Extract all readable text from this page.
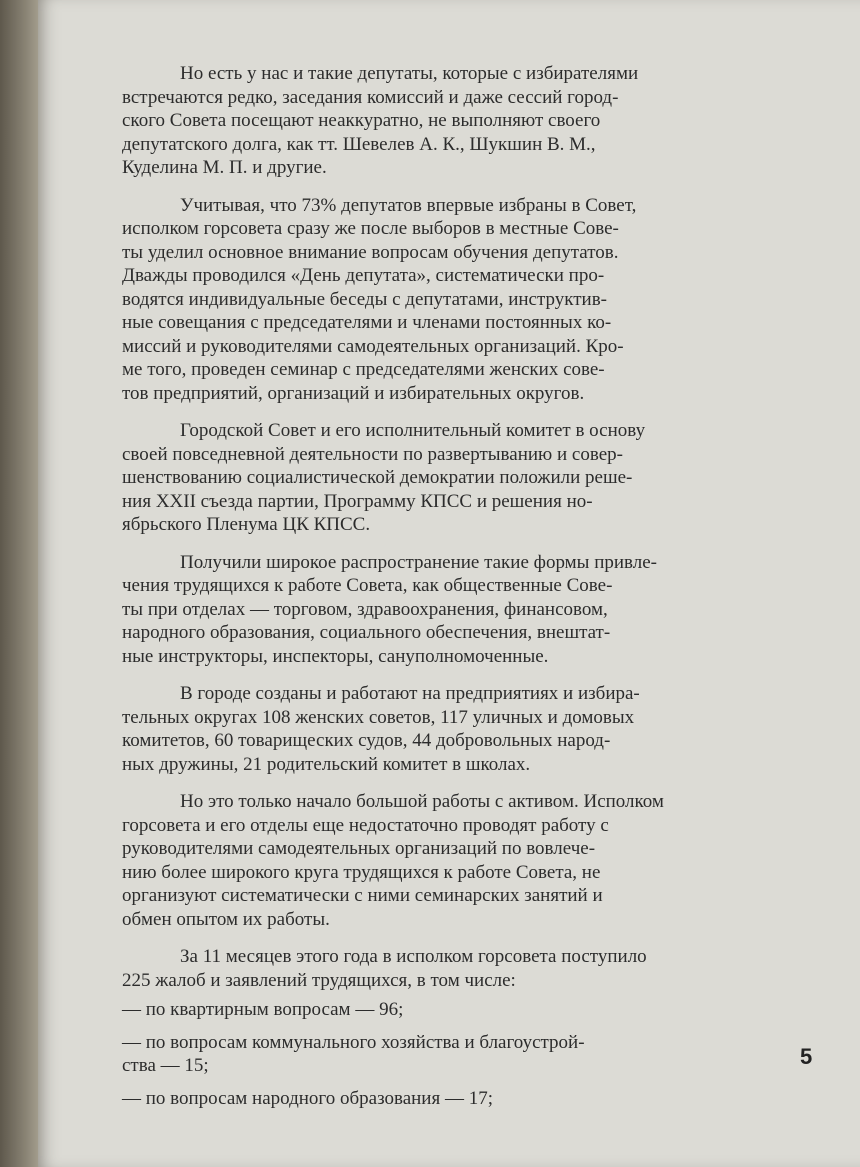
Но есть у нас и такие депутаты, которые с избирателями
встречаются редко, заседания комиссий и даже сессий город-
ского Совета посещают неаккуратно, не выполняют своего
депутатского долга, как тт. Шевелев А. К., Шукшин В. М.,
Куделина М. П. и другие.

Учитывая, что 73% депутатов впервые избраны в Совет,
исполком горсовета сразу же после выборов в местные Сове-
ты уделил основное внимание вопросам обучения депутатов.
Дважды проводился «День депутата», систематически про-
водятся индивидуальные беседы с депутатами, инструктив-
ные совещания с председателями и членами постоянных ко-
миссий и руководителями самодеятельных организаций. Кро-
ме того, проведен семинар с председателями женских сове-
тов предприятий, организаций и избирательных округов.

Городской Совет и его исполнительный комитет в основу
своей повседневной деятельности по развертыванию и совер-
шенствованию социалистической демократии положили реше-
ния XXII съезда партии, Программу КПСС и решения но-
ябрьского Пленума ЦК КПСС.

Получили широкое распространение такие формы привле-
чения трудящихся к работе Совета, как общественные Сове-
ты при отделах — торговом, здравоохранения, финансовом,
народного образования, социального обеспечения, внештат-
ные инструкторы, инспекторы, сануполномоченные.

В городе созданы и работают на предприятиях и избира-
тельных округах 108 женских советов, 117 уличных и домовых
комитетов, 60 товарищеских судов, 44 добровольных народ-
ных дружины, 21 родительский комитет в школах.

Но это только начало большой работы с активом. Исполком
горсовета и его отделы еще недостаточно проводят работу с
руководителями самодеятельных организаций по вовлече-
нию более широкого круга трудящихся к работе Совета, не
организуют систематически с ними семинарских занятий и
обмен опытом их работы.

За 11 месяцев этого года в исполком горсовета поступило
225 жалоб и заявлений трудящихся, в том числе:

— по квартирным вопросам — 96;
— по вопросам коммунального хозяйства и благоустрой-
ства — 15;
— по вопросам народного образования — 17;
5
